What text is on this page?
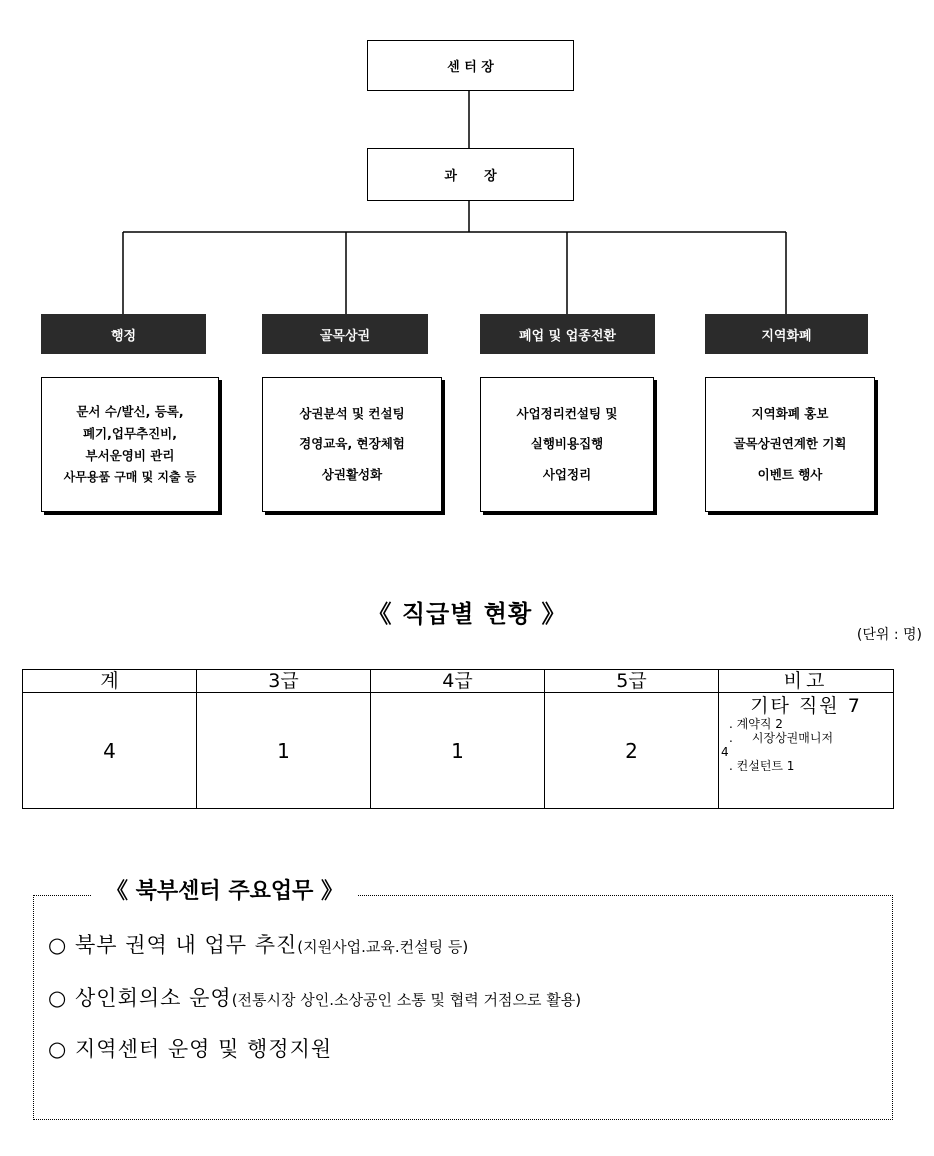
센 터 장
과      장
행정
문서 수/발신, 등록,
폐기,업무추진비,
부서운영비 관리
사무용품 구매 및 지출 등
골목상권
상권분석 및 컨설팅
경영교육, 현장체험
상권활성화
폐업 및 업종전환
사업정리컨설팅 및
실행비용집행
사업정리
지역화폐
지역화폐 홍보
골목상권연계한 기획
이벤트 행사
《 직급별 현황 》
(단위 : 명)
계	3급	4급	5급	비고
4	1	1	2	기타 직원 7
. 계약직 2
.     시장상권매니저
4
. 컨설턴트 1
《 북부센터 주요업무 》
○ 북부 권역 내 업무 추진(지원사업.교육.컨설팅 등)
○ 상인회의소 운영(전통시장 상인.소상공인 소통 및 협력 거점으로 활용)
○ 지역센터 운영 및 행정지원
